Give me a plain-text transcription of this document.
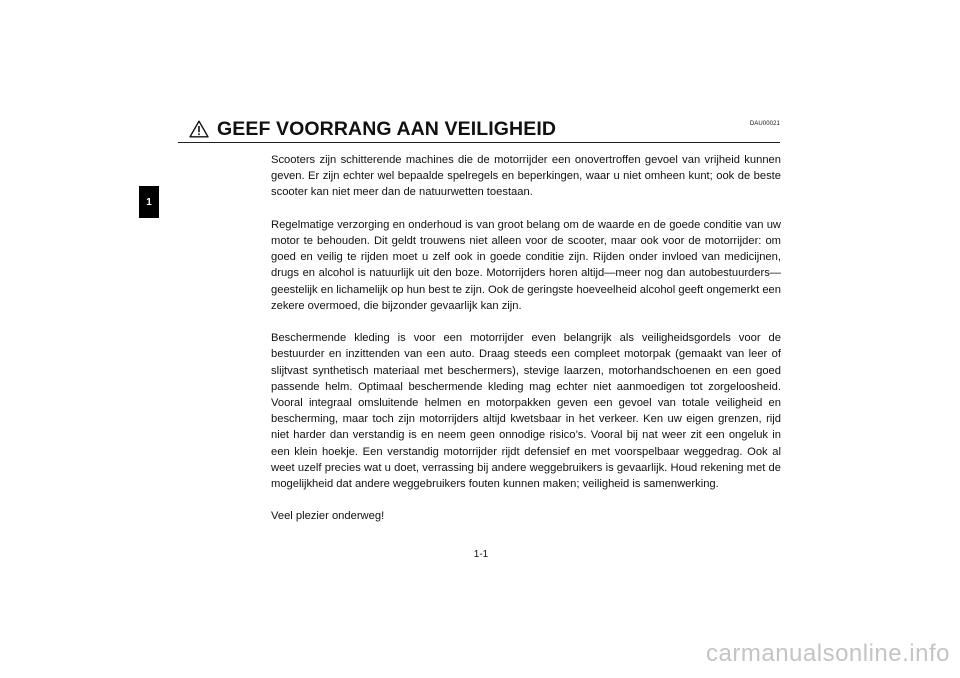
GEEF VOORRANG AAN VEILIGHEID	DAU00021
1

Scooters zijn schitterende machines die de motorrijder een onovertroffen gevoel van vrijheid kunnen geven. Er zijn echter wel bepaalde spelregels en beperkingen, waar u niet omheen kunt; ook de beste scooter kan niet meer dan de natuurwetten toestaan.

Regelmatige verzorging en onderhoud is van groot belang om de waarde en de goede conditie van uw motor te behouden. Dit geldt trouwens niet alleen voor de scooter, maar ook voor de motorrijder: om goed en veilig te rijden moet u zelf ook in goede conditie zijn. Rijden onder invloed van medicijnen, drugs en alcohol is natuurlijk uit den boze. Motorrijders horen altijd—meer nog dan autobestuurders—geestelijk en lichamelijk op hun best te zijn. Ook de geringste hoeveelheid alcohol geeft ongemerkt een zekere overmoed, die bijzonder gevaarlijk kan zijn.

Beschermende kleding is voor een motorrijder even belangrijk als veiligheidsgordels voor de bestuurder en inzittenden van een auto. Draag steeds een compleet motorpak (gemaakt van leer of slijtvast synthetisch materiaal met beschermers), stevige laarzen, motorhandschoenen en een goed passende helm. Optimaal beschermende kleding mag echter niet aanmoedigen tot zorgeloosheid. Vooral integraal omsluitende helmen en motorpakken geven een gevoel van totale veiligheid en bescherming, maar toch zijn motorrijders altijd kwetsbaar in het verkeer. Ken uw eigen grenzen, rijd niet harder dan verstandig is en neem geen onnodige risico’s. Vooral bij nat weer zit een ongeluk in een klein hoekje. Een verstandig motorrijder rijdt defensief en met voorspelbaar weggedrag. Ook al weet uzelf precies wat u doet, verrassing bij andere weggebruikers is gevaarlijk. Houd rekening met de mogelijkheid dat andere weggebruikers fouten kunnen maken; veiligheid is samenwerking.

Veel plezier onderweg!

1-1
carmanualsonline.info
